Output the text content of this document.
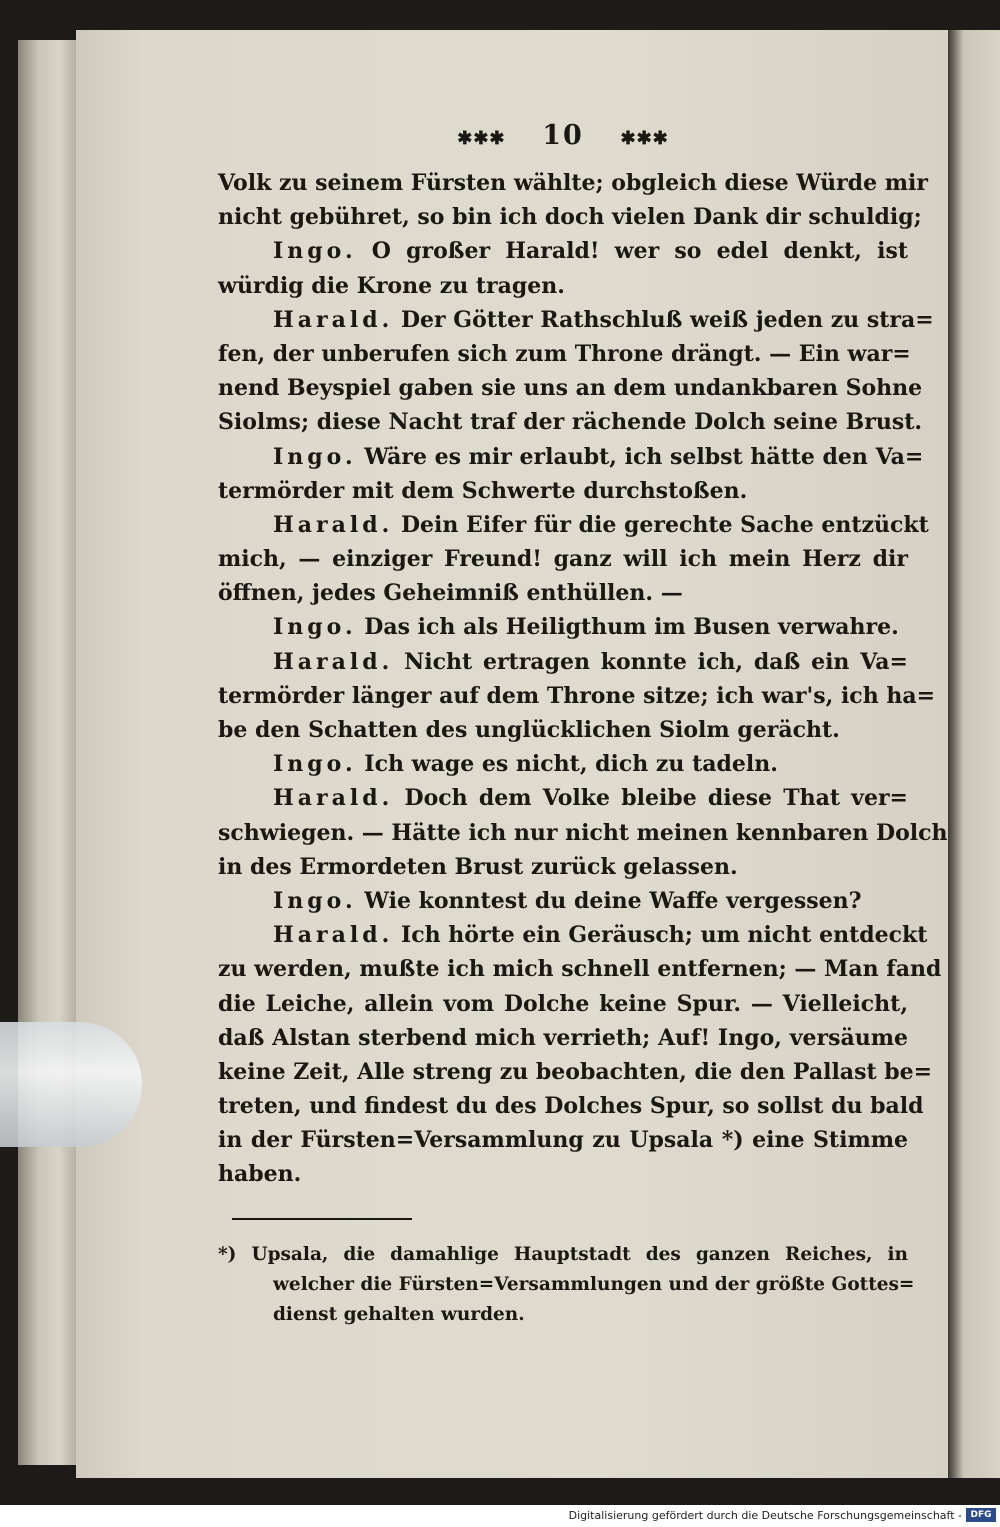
✱✱✱ 10 ✱✱✱
Volk zu seinem Fürsten wählte; obgleich diese Würde mir
nicht gebühret, so bin ich doch vielen Dank dir schuldig;
Ingo. O großer Harald! wer so edel denkt, ist
würdig die Krone zu tragen.
Harald. Der Götter Rathschluß weiß jeden zu stra=
fen, der unberufen sich zum Throne drängt. — Ein war=
nend Beyspiel gaben sie uns an dem undankbaren Sohne
Siolms; diese Nacht traf der rächende Dolch seine Brust.
Ingo. Wäre es mir erlaubt, ich selbst hätte den Va=
termörder mit dem Schwerte durchstoßen.
Harald. Dein Eifer für die gerechte Sache entzückt
mich, — einziger Freund! ganz will ich mein Herz dir
öffnen, jedes Geheimniß enthüllen. —
Ingo. Das ich als Heiligthum im Busen verwahre.
Harald. Nicht ertragen konnte ich, daß ein Va=
termörder länger auf dem Throne sitze; ich war's, ich ha=
be den Schatten des unglücklichen Siolm gerächt.
Ingo. Ich wage es nicht, dich zu tadeln.
Harald. Doch dem Volke bleibe diese That ver=
schwiegen. — Hätte ich nur nicht meinen kennbaren Dolch
in des Ermordeten Brust zurück gelassen.
Ingo. Wie konntest du deine Waffe vergessen?
Harald. Ich hörte ein Geräusch; um nicht entdeckt
zu werden, mußte ich mich schnell entfernen; — Man fand
die Leiche, allein vom Dolche keine Spur. — Vielleicht,
daß Alstan sterbend mich verrieth; Auf! Ingo, versäume
keine Zeit, Alle streng zu beobachten, die den Pallast be=
treten, und findest du des Dolches Spur, so sollst du bald
in der Fürsten=Versammlung zu Upsala *) eine Stimme
haben.
*) Upsala, die damahlige Hauptstadt des ganzen Reiches, in
welcher die Fürsten=Versammlungen und der größte Gottes=
dienst gehalten wurden.
Digitalisierung gefördert durch die Deutsche Forschungsgemeinschaft - DFG
